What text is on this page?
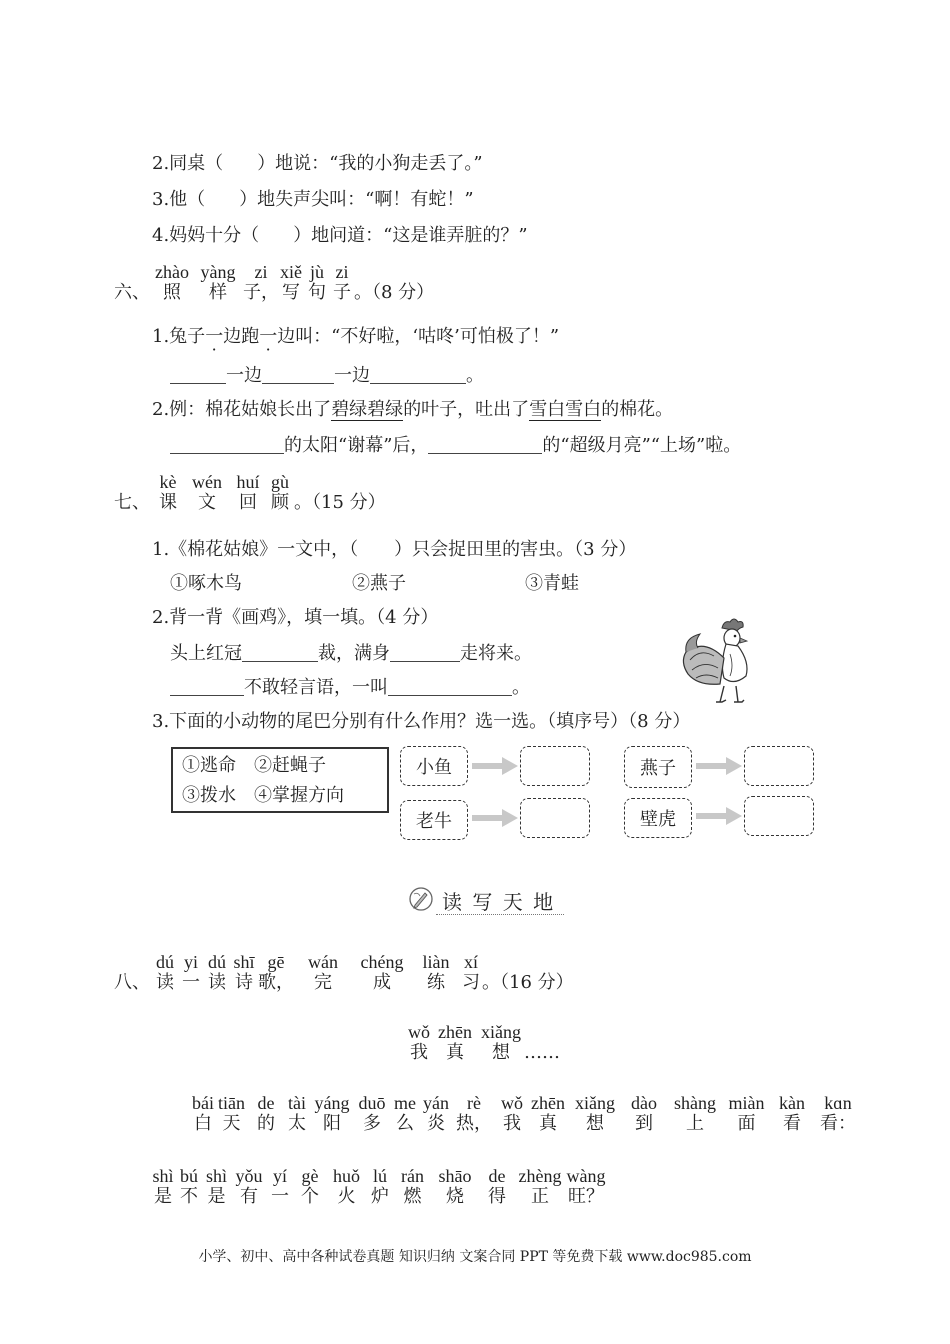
2.同桌（ ）地说：“我的小狗走丢了。”
3.他（ ）地失声尖叫：“啊！有蛇！”
4.妈妈十分（ ）地问道：“这是谁弄脏的？”
zhào
照
yàng
样
zi
子，
xiě
写
jù
句
zi
子
。（8 分）
六、
1.兔子一边跑一边叫：“不好啦，‘咕咚’可怕极了！”
一边	一边	。
2.例：棉花姑娘长出了碧绿碧绿的叶子，吐出了雪白雪白的棉花。
的太阳“谢幕”后，	的“超级月亮”“上场”啦。
kè
课
wén
文
huí
回
gù
顾
。（15 分）
七、
1.《棉花姑娘》一文中，（　　）只会捉田里的害虫。（3 分）
①啄木鸟	②燕子	③青蛙
2.背一背《画鸡》，填一填。（4 分）
头上红冠	裁，满身	走将来。
不敢轻言语，一叫	。
3.下面的小动物的尾巴分别有什么作用？选一选。（填序号）（8 分）
①逃命　②赶蝇子
③拨水　④掌握方向
小鱼
老牛
燕子
壁虎
读 写 天 地
dú
读
yi
一
dú
读
shī
诗
gē
歌，
wán
完
chéng
成
liàn
练
xí
习
。（16 分）
八、
wǒ
我
zhēn
真
xiǎng
想
……
bái
白
tiān
天
de
的
tài
太
yáng
阳
duō
多
me
么
yán
炎
rè
热，
wǒ
我
zhēn
真
xiǎng
想
dào
到
shàng
上
miàn
面
kàn
看
kɑn
看：
shì
是
bú
不
shì
是
yǒu
有
yí
一
gè
个
huǒ
火
lú
炉
rán
燃
shāo
烧
de
得
zhèng
正
wàng
旺？
小学、初中、高中各种试卷真题 知识归纳 文案合同 PPT 等免费下载 www.doc985.com
